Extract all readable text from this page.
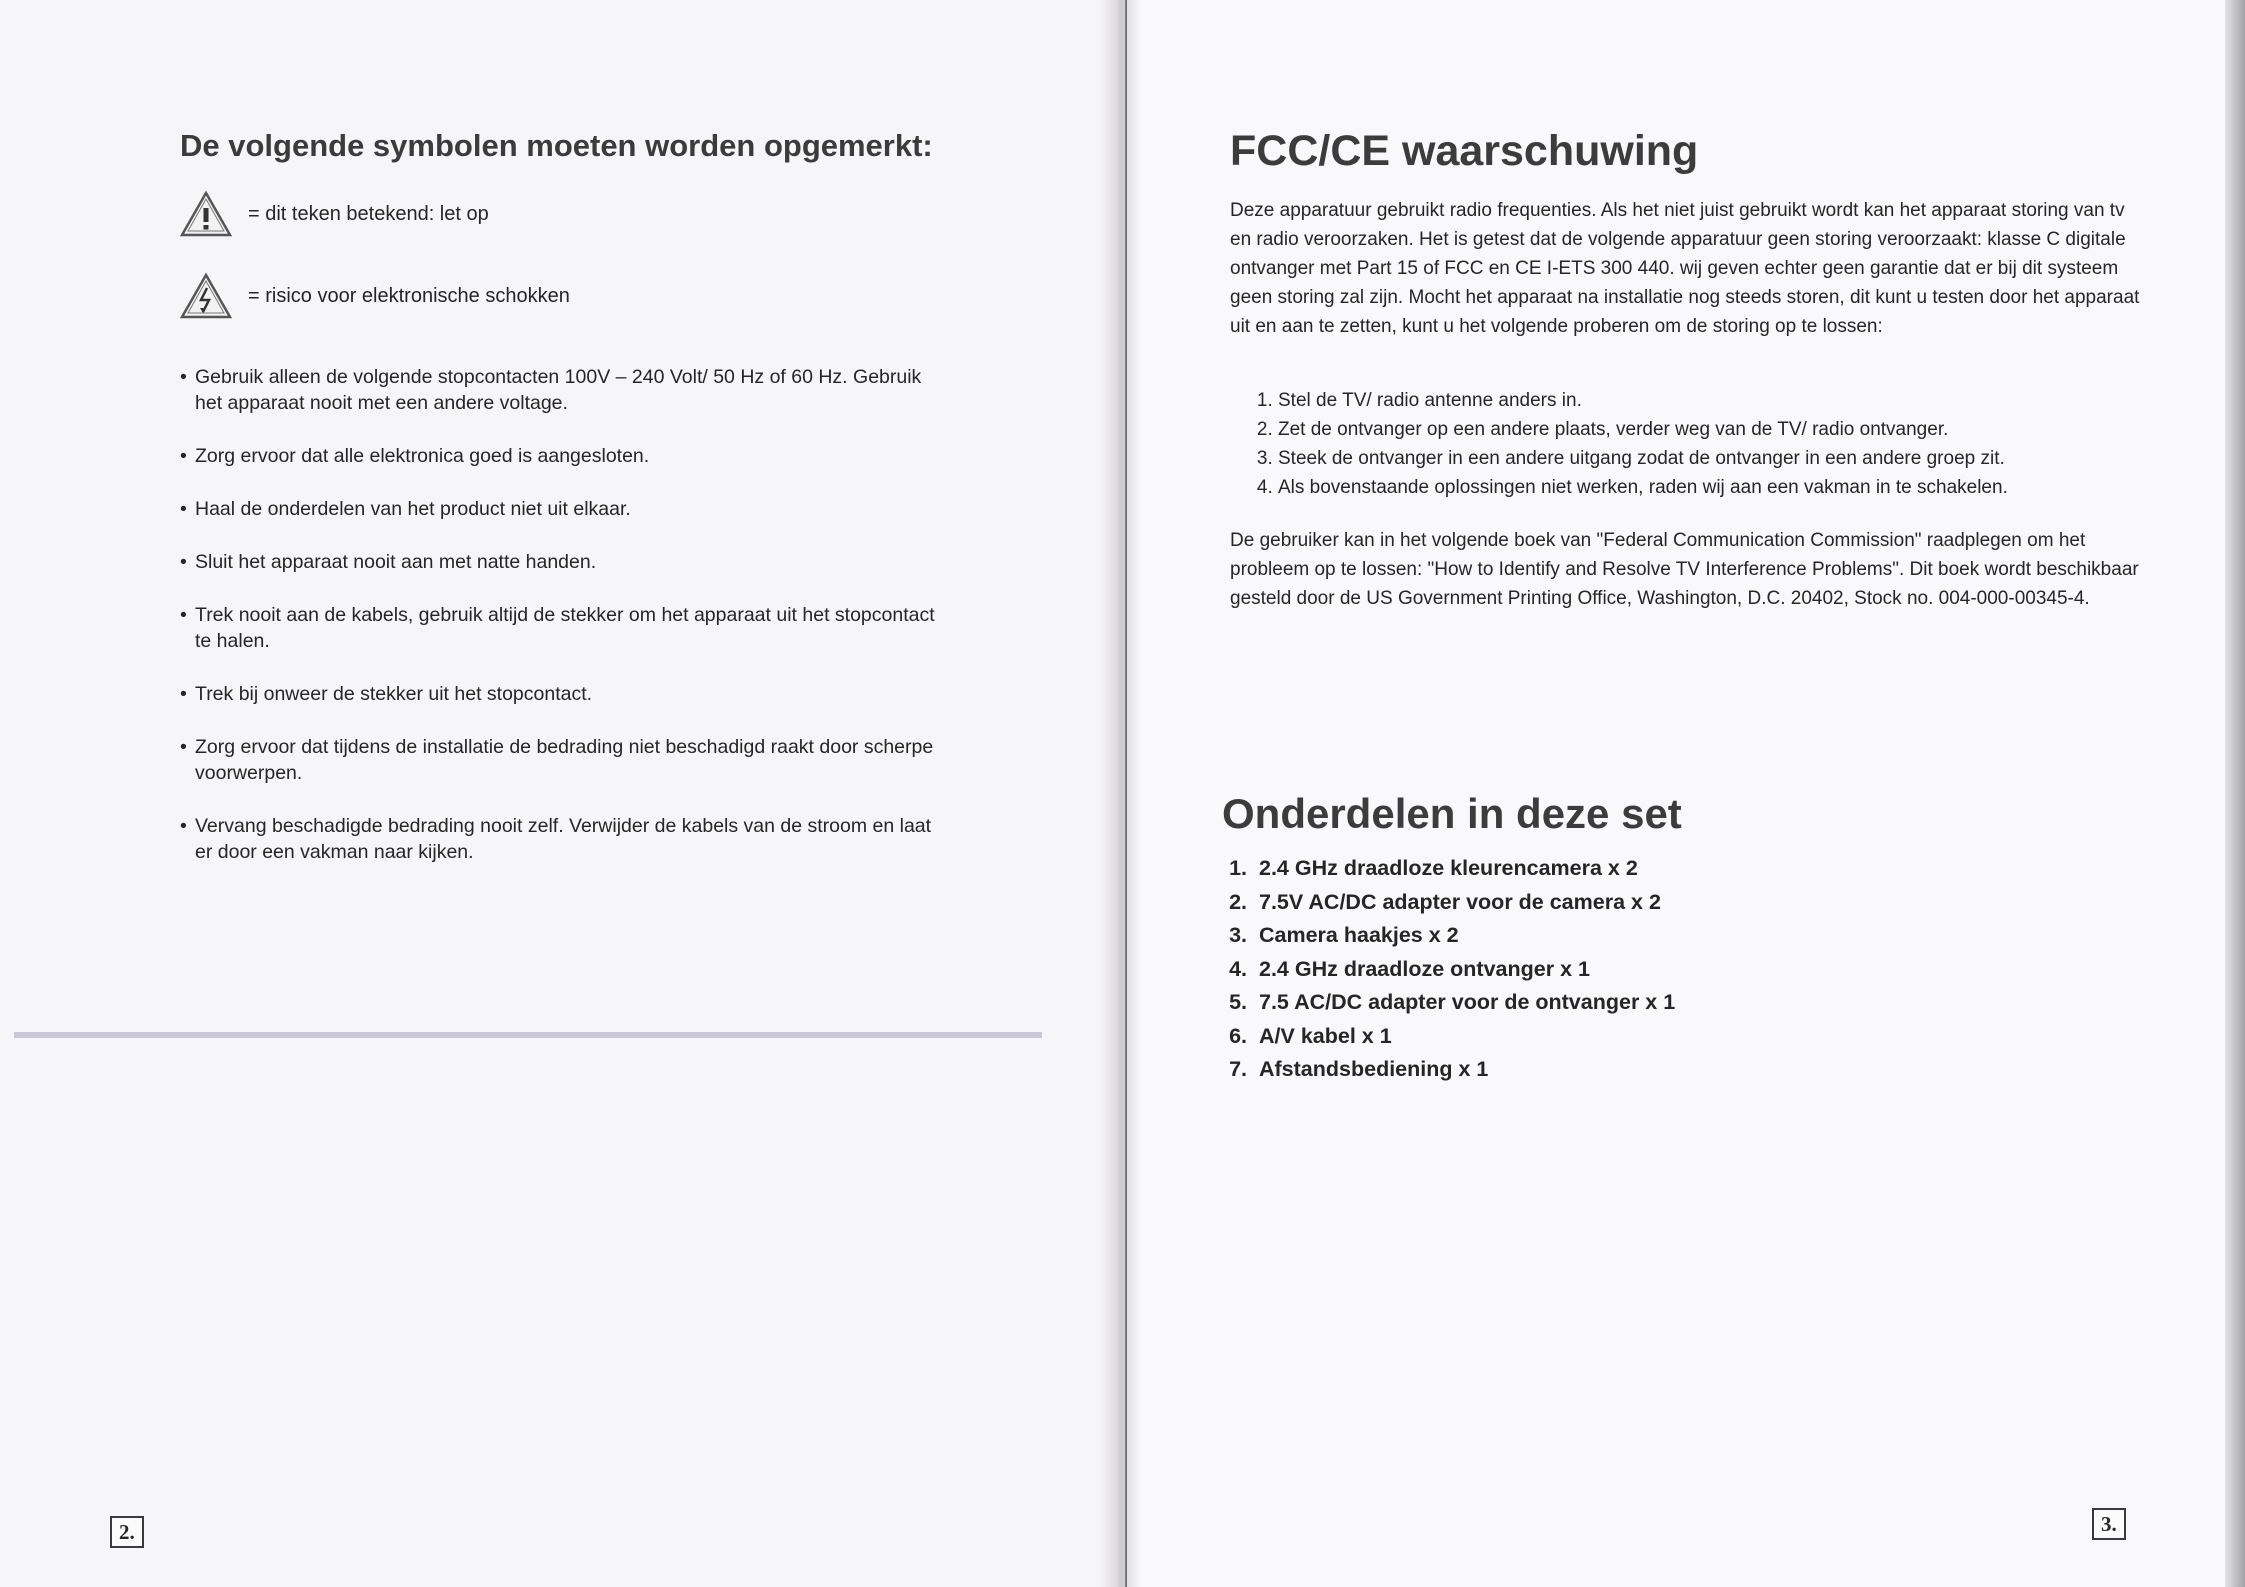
De volgende symbolen moeten worden opgemerkt:
= dit teken betekend: let op
= risico voor elektronische schokken
• Gebruik alleen de volgende stopcontacten 100V – 240 Volt/ 50 Hz of 60 Hz. Gebruik het apparaat nooit met een andere voltage.
• Zorg ervoor dat alle elektronica goed is aangesloten.
• Haal de onderdelen van het product niet uit elkaar.
• Sluit het apparaat nooit aan met natte handen.
• Trek nooit aan de kabels, gebruik altijd de stekker om het apparaat uit het stopcontact te halen.
• Trek bij onweer de stekker uit het stopcontact.
• Zorg ervoor dat tijdens de installatie de bedrading niet beschadigd raakt door scherpe voorwerpen.
• Vervang beschadigde bedrading nooit zelf. Verwijder de kabels van de stroom en laat er door een vakman naar kijken.
2.
FCC/CE waarschuwing

Deze apparatuur gebruikt radio frequenties. Als het niet juist gebruikt wordt kan het apparaat storing van tv en radio veroorzaken. Het is getest dat de volgende apparatuur geen storing veroorzaakt: klasse C digitale ontvanger met Part 15 of FCC en CE I-ETS 300 440. wij geven echter geen garantie dat er bij dit systeem geen storing zal zijn. Mocht het apparaat na installatie nog steeds storen, dit kunt u testen door het apparaat uit en aan te zetten, kunt u het volgende proberen om de storing op te lossen:

1. Stel de TV/ radio antenne anders in.
2. Zet de ontvanger op een andere plaats, verder weg van de TV/ radio ontvanger.
3. Steek de ontvanger in een andere uitgang zodat de ontvanger in een andere groep zit.
4. Als bovenstaande oplossingen niet werken, raden wij aan een vakman in te schakelen.

De gebruiker kan in het volgende boek van "Federal Communication Commission" raadplegen om het probleem op te lossen: "How to Identify and Resolve TV Interference Problems". Dit boek wordt beschikbaar gesteld door de US Government Printing Office, Washington, D.C. 20402, Stock no. 004-000-00345-4.

Onderdelen in deze set
1. 2.4 GHz draadloze kleurencamera x 2
2. 7.5V AC/DC adapter voor de camera x 2
3. Camera haakjes x 2
4. 2.4 GHz draadloze ontvanger x 1
5. 7.5 AC/DC adapter voor de ontvanger x 1
6. A/V kabel x 1
7. Afstandsbediening x 1
3.
